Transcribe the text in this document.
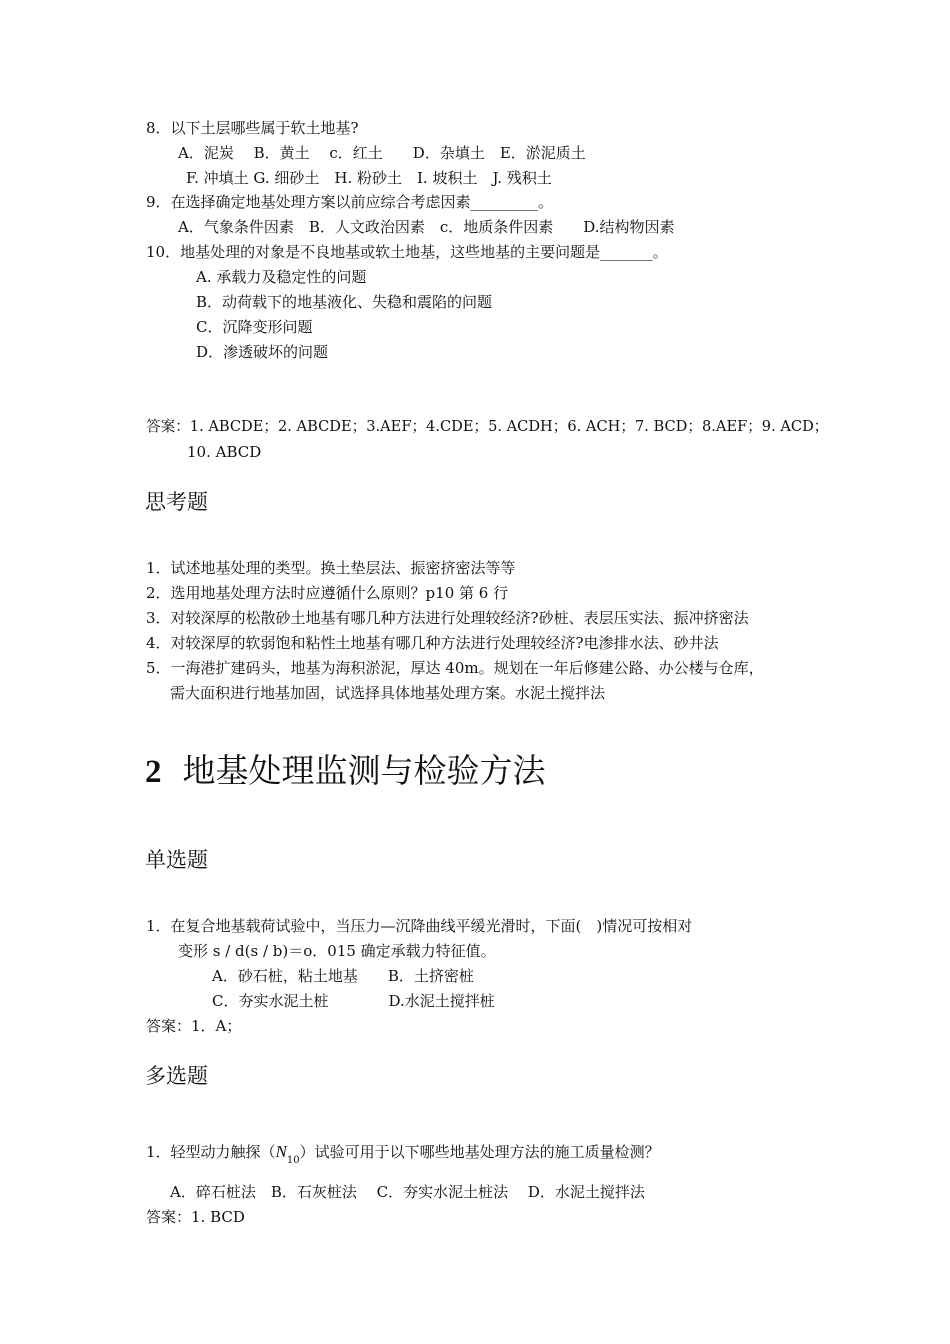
8．以下土层哪些属于软土地基?
A．泥炭　 B．黄土　 c．红土　　D．杂填土　E．淤泥质土
F. 冲填土 G. 细砂土　H. 粉砂土　I. 坡积土　J. 残积土
9．在选择确定地基处理方案以前应综合考虑因素_________。
A．气象条件因素　B．人文政治因素　c．地质条件因素　　D.结构物因素
10．地基处理的对象是不良地基或软土地基，这些地基的主要问题是_______。
A. 承载力及稳定性的问题
B．动荷载下的地基液化、失稳和震陷的问题
C．沉降变形问题
D．渗透破坏的问题
答案：1. ABCDE；2. ABCDE；3.AEF；4.CDE；5. ACDH；6. ACH；7. BCD；8.AEF；9. ACD；
10. ABCD
思考题
1．试述地基处理的类型。换土垫层法、振密挤密法等等
2．选用地基处理方法时应遵循什么原则？p10 第 6 行
3．对较深厚的松散砂土地基有哪几种方法进行处理较经济?砂桩、表层压实法、振冲挤密法
4．对较深厚的软弱饱和粘性土地基有哪几种方法进行处理较经济?电渗排水法、砂井法
5．一海港扩建码头，地基为海积淤泥，厚达 40m。规划在一年后修建公路、办公楼与仓库，
需大面积进行地基加固，试选择具体地基处理方案。水泥土搅拌法
2 地基处理监测与检验方法
单选题
1．在复合地基载荷试验中，当压力—沉降曲线平缓光滑时，下面(　)情况可按相对
变形 s / d(s / b)＝o．015 确定承载力特征值。
A．砂石桩，粘土地基　　B．土挤密桩
C．夯实水泥土桩　　　　D.水泥土搅拌桩
答案：1．A；
多选题
1．轻型动力触探$(N_{10})$试验可用于以下哪些地基处理方法的施工质量检测？
A．碎石桩法　B．石灰桩法　 C．夯实水泥土桩法　 D．水泥土搅拌法
答案：1. BCD
